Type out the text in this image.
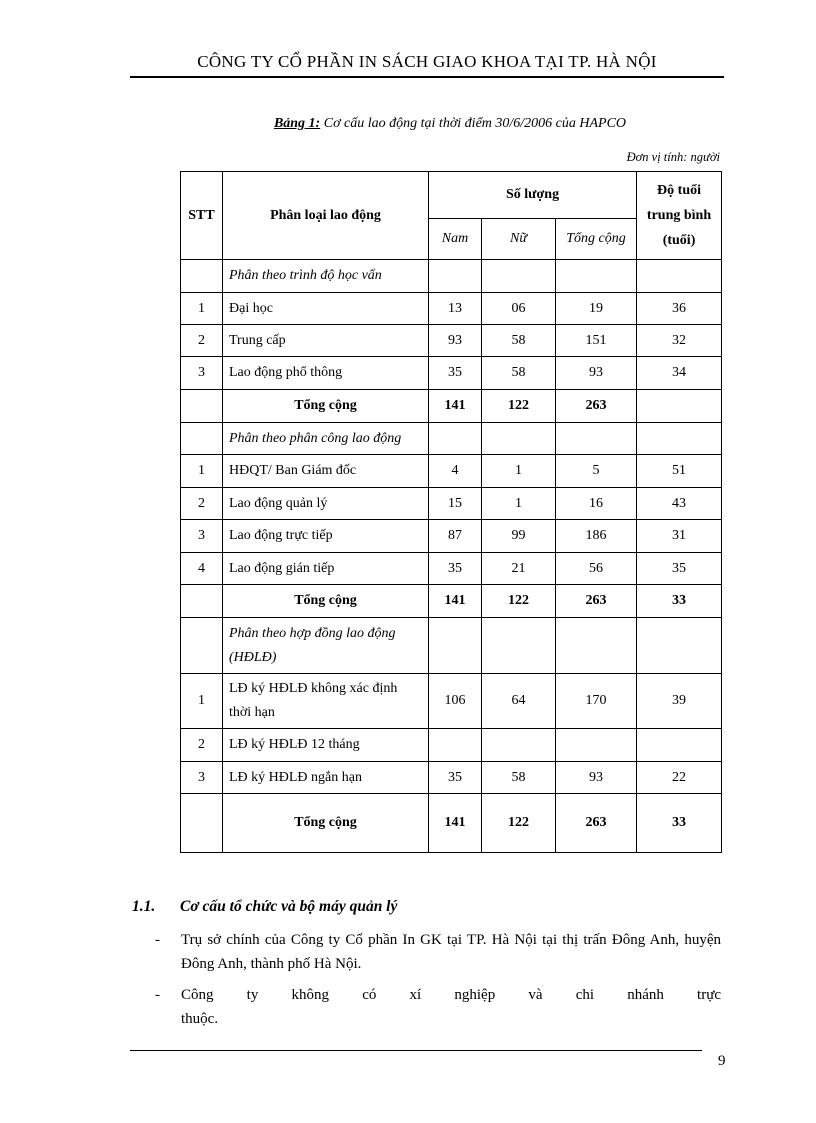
CÔNG TY CỔ PHẦN IN SÁCH GIAO KHOA TẠI TP. HÀ NỘI
Bảng 1: Cơ cấu lao động tại thời điểm 30/6/2006 của HAPCO
Đơn vị tính: người
STT	Phân loại lao động	Số lượng			Độ tuổi trung bình (tuổi)
		Nam	Nữ	Tổng cộng	
	Phân theo trình độ học vấn				
1	Đại học	13	06	19	36
2	Trung cấp	93	58	151	32
3	Lao động phổ thông	35	58	93	34
	Tổng cộng	141	122	263	
	Phân theo phân công lao động				
1	HĐQT/ Ban Giám đốc	4	1	5	51
2	Lao động quản lý	15	1	16	43
3	Lao động trực tiếp	87	99	186	31
4	Lao động gián tiếp	35	21	56	35
	Tổng cộng	141	122	263	33
	Phân theo hợp đồng lao động (HĐLĐ)				
1	LĐ ký HĐLĐ không xác định thời hạn	106	64	170	39
2	LĐ ký HĐLĐ 12 tháng				
3	LĐ ký HĐLĐ ngắn hạn	35	58	93	22
	Tổng cộng	141	122	263	33
1.1. Cơ cấu tổ chức và bộ máy quản lý
- Trụ sở chính của Công ty Cổ phần In GK tại TP. Hà Nội tại thị trấn Đông Anh, huyện Đông Anh, thành phố Hà Nội.
- Công ty không có xí nghiệp và chi nhánh trực thuộc.
9
